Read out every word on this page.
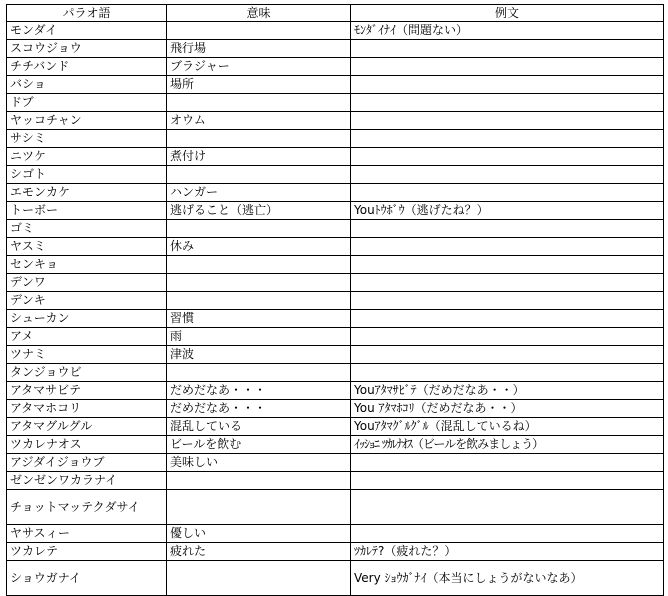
パラオ語	意味	例文
モンダイ		ﾓﾝﾀﾞｲﾅｲ（問題ない）
スコウジョウ	飛行場	
チチバンド	ブラジャー	
バショ	場所	
ドブ		
ヤッコチャン	オウム	
サシミ		
ニツケ	煮付け	
シゴト		
エモンカケ	ハンガー	
トーボー	逃げること（逃亡）	Youﾄｳﾎﾞｳ（逃げたね？）
ゴミ		
ヤスミ	休み	
センキョ		
デンワ		
デンキ		
シューカン	習慣	
アメ	雨	
ツナミ	津波	
タンジョウビ		
アタマサビテ	だめだなあ・・・	Youｱﾀﾏｻﾋﾞﾃ（だめだなあ・・）
アタマホコリ	だめだなあ・・・	You ｱﾀﾏﾎｺﾘ（だめだなあ・・）
アタマグルグル	混乱している	Youｱﾀﾏｸﾞﾙｸﾞﾙ（混乱しているね）
ツカレナオス	ビールを飲む	ｲｯｼｮﾆ ﾂｶﾚﾅｵｽ（ビールを飲みましょう）
アジダイジョウブ	美味しい	
ゼンゼンワカラナイ		
チョットマッテクダサイ		
ヤサスィー	優しい	
ツカレテ	疲れた	ﾂｶﾚﾃ?（疲れた？）
ショウガナイ		Very ｼｮｳｶﾞﾅｲ（本当にしょうがないなあ）
